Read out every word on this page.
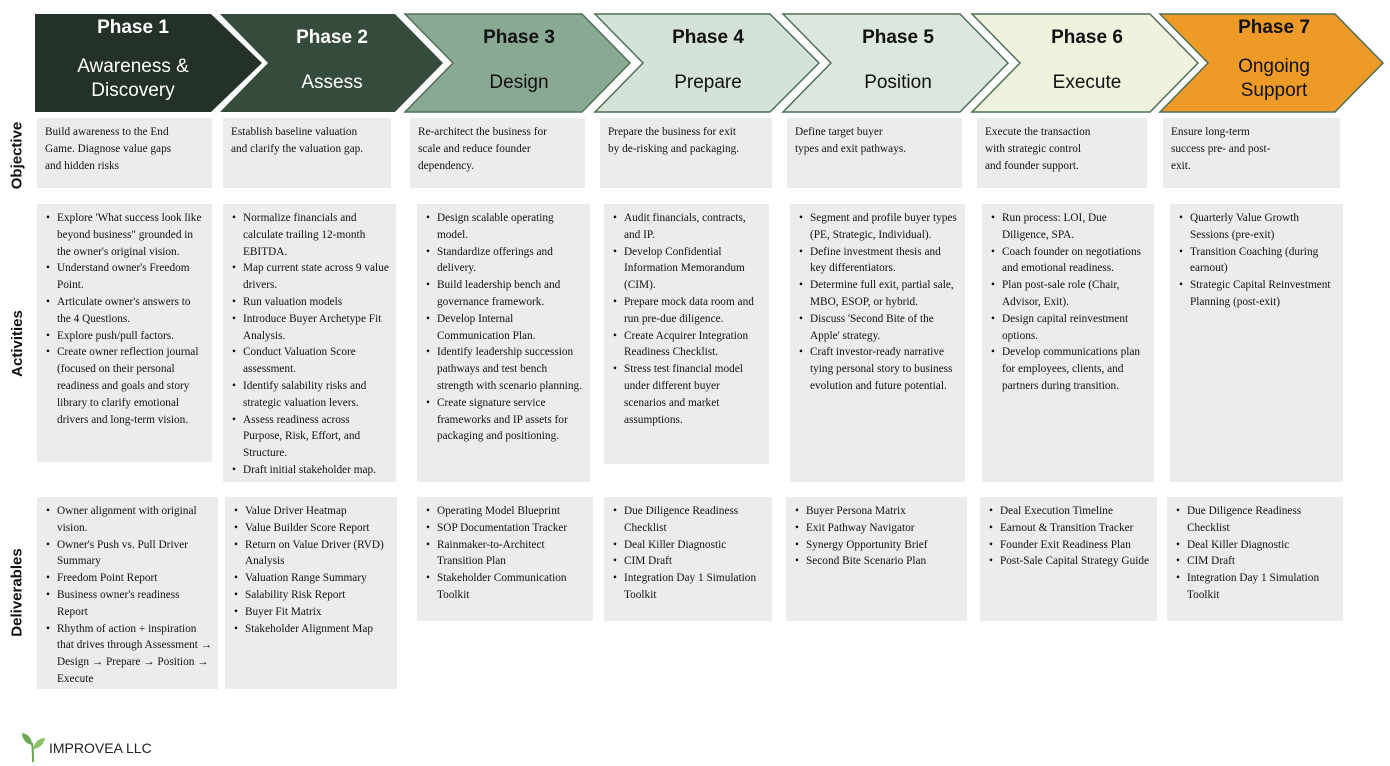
Phase 1
Awareness &
Discovery
Phase 2
Assess
Phase 3
Design
Phase 4
Prepare
Phase 5
Position
Phase 6
Execute
Phase 7
Ongoing
Support
Objective
Activities
Deliverables
Build awareness to the End
Game. Diagnose value gaps
and hidden risks
• Explore 'What success look like beyond business" grounded in the owner's original vision.
• Understand owner's Freedom Point.
• Articulate owner's answers to the 4 Questions.
• Explore push/pull factors.
• Create owner reflection journal (focused on their personal readiness and goals and story library to clarify emotional drivers and long-term vision.
• Owner alignment with original vision.
• Owner's Push vs. Pull Driver Summary
• Freedom Point Report
• Business owner's readiness Report
• Rhythm of action + inspiration that drives through Assessment → Design → Prepare → Position → Execute
Establish baseline valuation
and clarify the valuation gap.
• Normalize financials and calculate trailing 12-month EBITDA.
• Map current state across 9 value drivers.
• Run valuation models
• Introduce Buyer Archetype Fit Analysis.
• Conduct Valuation Score assessment.
• Identify salability risks and strategic valuation levers.
• Assess readiness across Purpose, Risk, Effort, and Structure.
• Draft initial stakeholder map.
• Value Driver Heatmap
• Value Builder Score Report
• Return on Value Driver (RVD) Analysis
• Valuation Range Summary
• Salability Risk Report
• Buyer Fit Matrix
• Stakeholder Alignment Map
Re-architect the business for
scale and reduce founder
dependency.
• Design scalable operating model.
• Standardize offerings and delivery.
• Build leadership bench and governance framework.
• Develop Internal Communication Plan.
• Identify leadership succession pathways and test bench strength with scenario planning.
• Create signature service frameworks and IP assets for packaging and positioning.
• Operating Model Blueprint
• SOP Documentation Tracker
• Rainmaker-to-Architect Transition Plan
• Stakeholder Communication Toolkit
Prepare the business for exit
by de-risking and packaging.
• Audit financials, contracts, and IP.
• Develop Confidential Information Memorandum (CIM).
• Prepare mock data room and run pre-due diligence.
• Create Acquirer Integration Readiness Checklist.
• Stress test financial model under different buyer scenarios and market assumptions.
• Due Diligence Readiness Checklist
• Deal Killer Diagnostic
• CIM Draft
• Integration Day 1 Simulation Toolkit
Define target buyer
types and exit pathways.
• Segment and profile buyer types (PE, Strategic, Individual).
• Define investment thesis and key differentiators.
• Determine full exit, partial sale, MBO, ESOP, or hybrid.
• Discuss 'Second Bite of the Apple' strategy.
• Craft investor-ready narrative tying personal story to business evolution and future potential.
• Buyer Persona Matrix
• Exit Pathway Navigator
• Synergy Opportunity Brief
• Second Bite Scenario Plan
Execute the transaction
with strategic control
and founder support.
• Run process: LOI, Due Diligence, SPA.
• Coach founder on negotiations and emotional readiness.
• Plan post-sale role (Chair, Advisor, Exit).
• Design capital reinvestment options.
• Develop communications plan for employees, clients, and partners during transition.
• Deal Execution Timeline
• Earnout & Transition Tracker
• Founder Exit Readiness Plan
• Post-Sale Capital Strategy Guide
Ensure long-term
success pre- and post-
exit.
• Quarterly Value Growth Sessions (pre-exit)
• Transition Coaching (during earnout)
• Strategic Capital Reinvestment Planning (post-exit)
• Due Diligence Readiness Checklist
• Deal Killer Diagnostic
• CIM Draft
• Integration Day 1 Simulation Toolkit
IMPROVEA LLC
